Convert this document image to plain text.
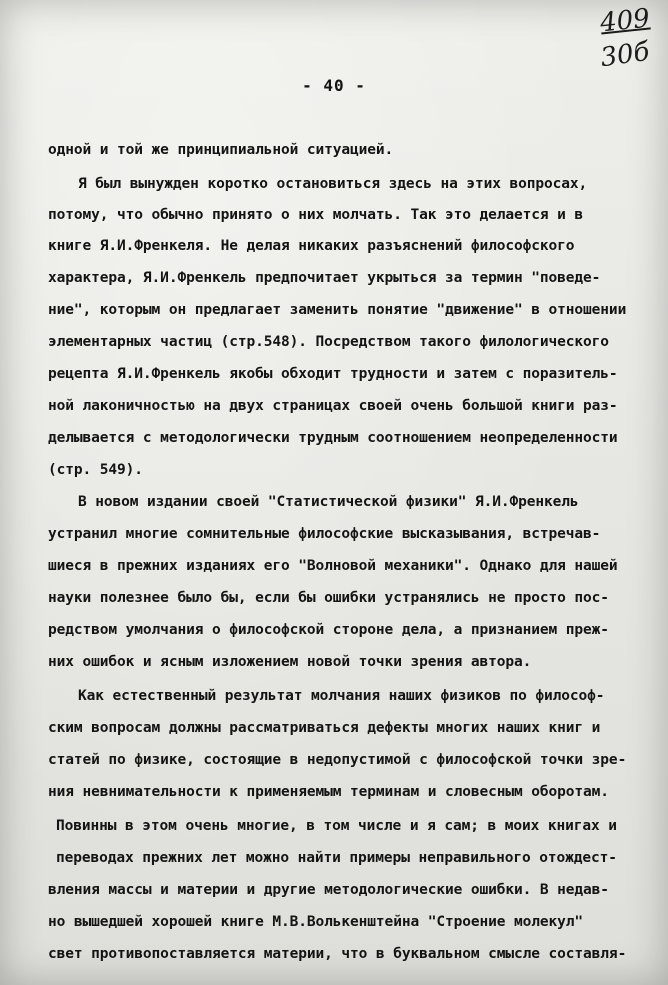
409
30б
- 40 -
одной и той же принципиальной ситуацией.
Я был вынужден коротко остановиться здесь на этих вопросах,
потому, что обычно принято о них молчать. Так это делается и в
книге Я.И.Френкеля. Не делая никаких разъяснений философского
характера, Я.И.Френкель предпочитает укрыться за термин "поведе-
ние", которым он предлагает заменить понятие "движение" в отношении
элементарных частиц (стр.548). Посредством такого филологического
рецепта Я.И.Френкель якобы обходит трудности и затем с поразитель-
ной лаконичностью на двух страницах своей очень большой книги раз-
делывается с методологически трудным соотношением неопределенности
(стр. 549).
В новом издании своей "Статистической физики" Я.И.Френкель
устранил многие сомнительные философские высказывания, встречав-
шиеся в прежних изданиях его "Волновой механики". Однако для нашей
науки полезнее было бы, если бы ошибки устранялись не просто пос-
редством умолчания о философской стороне дела, а признанием преж-
них ошибок и ясным изложением новой точки зрения автора.
Как естественный результат молчания наших физиков по философ-
ским вопросам должны рассматриваться дефекты многих наших книг и
статей по физике, состоящие в недопустимой с философской точки зре-
ния невнимательности к применяемым терминам и словесным оборотам.
Повинны в этом очень многие, в том числе и я сам; в моих книгах и
переводах прежних лет можно найти примеры неправильного отождест-
вления массы и материи и другие методологические ошибки. В недав-
но вышедшей хорошей книге М.В.Волькенштейна "Строение молекул"
свет противопоставляется материи, что в буквальном смысле составля-
